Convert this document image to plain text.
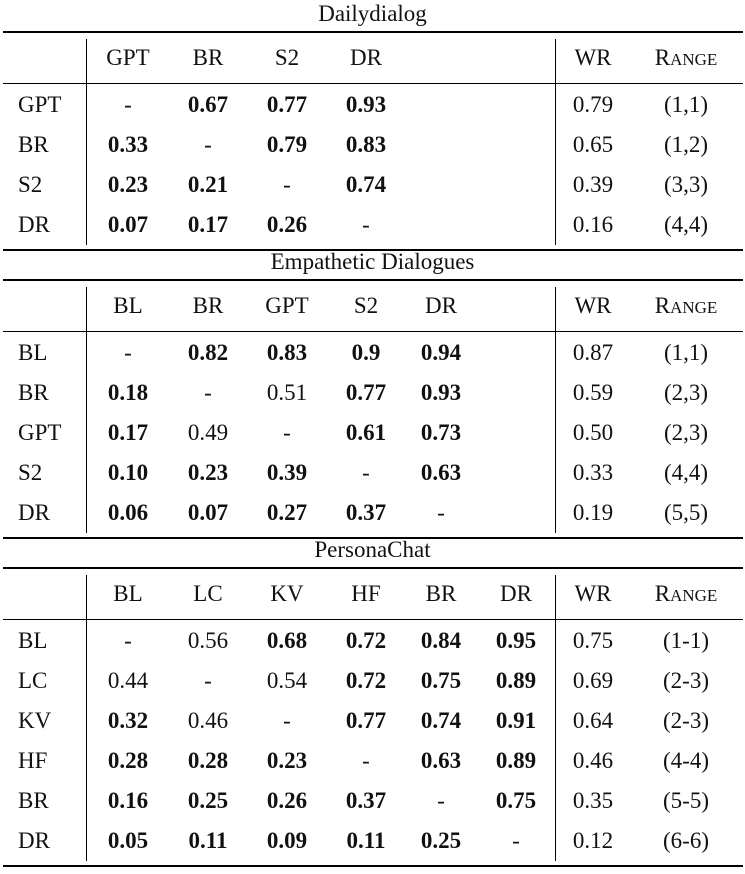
Dailydialog
GPT	BR	S2	DR	WR	RANGE
GPT	-	0.67	0.77	0.93	0.79	(1,1)
BR	0.33	-	0.79	0.83	0.65	(1,2)
S2	0.23	0.21	-	0.74	0.39	(3,3)
DR	0.07	0.17	0.26	-	0.16	(4,4)
Empathetic Dialogues
BL	BR	GPT	S2	DR	WR	RANGE
BL	-	0.82	0.83	0.9	0.94	0.87	(1,1)
BR	0.18	-	0.51	0.77	0.93	0.59	(2,3)
GPT	0.17	0.49	-	0.61	0.73	0.50	(2,3)
S2	0.10	0.23	0.39	-	0.63	0.33	(4,4)
DR	0.06	0.07	0.27	0.37	-	0.19	(5,5)
PersonaChat
BL	LC	KV	HF	BR	DR	WR	RANGE
BL	-	0.56	0.68	0.72	0.84	0.95	0.75	(1-1)
LC	0.44	-	0.54	0.72	0.75	0.89	0.69	(2-3)
KV	0.32	0.46	-	0.77	0.74	0.91	0.64	(2-3)
HF	0.28	0.28	0.23	-	0.63	0.89	0.46	(4-4)
BR	0.16	0.25	0.26	0.37	-	0.75	0.35	(5-5)
DR	0.05	0.11	0.09	0.11	0.25	-	0.12	(6-6)
